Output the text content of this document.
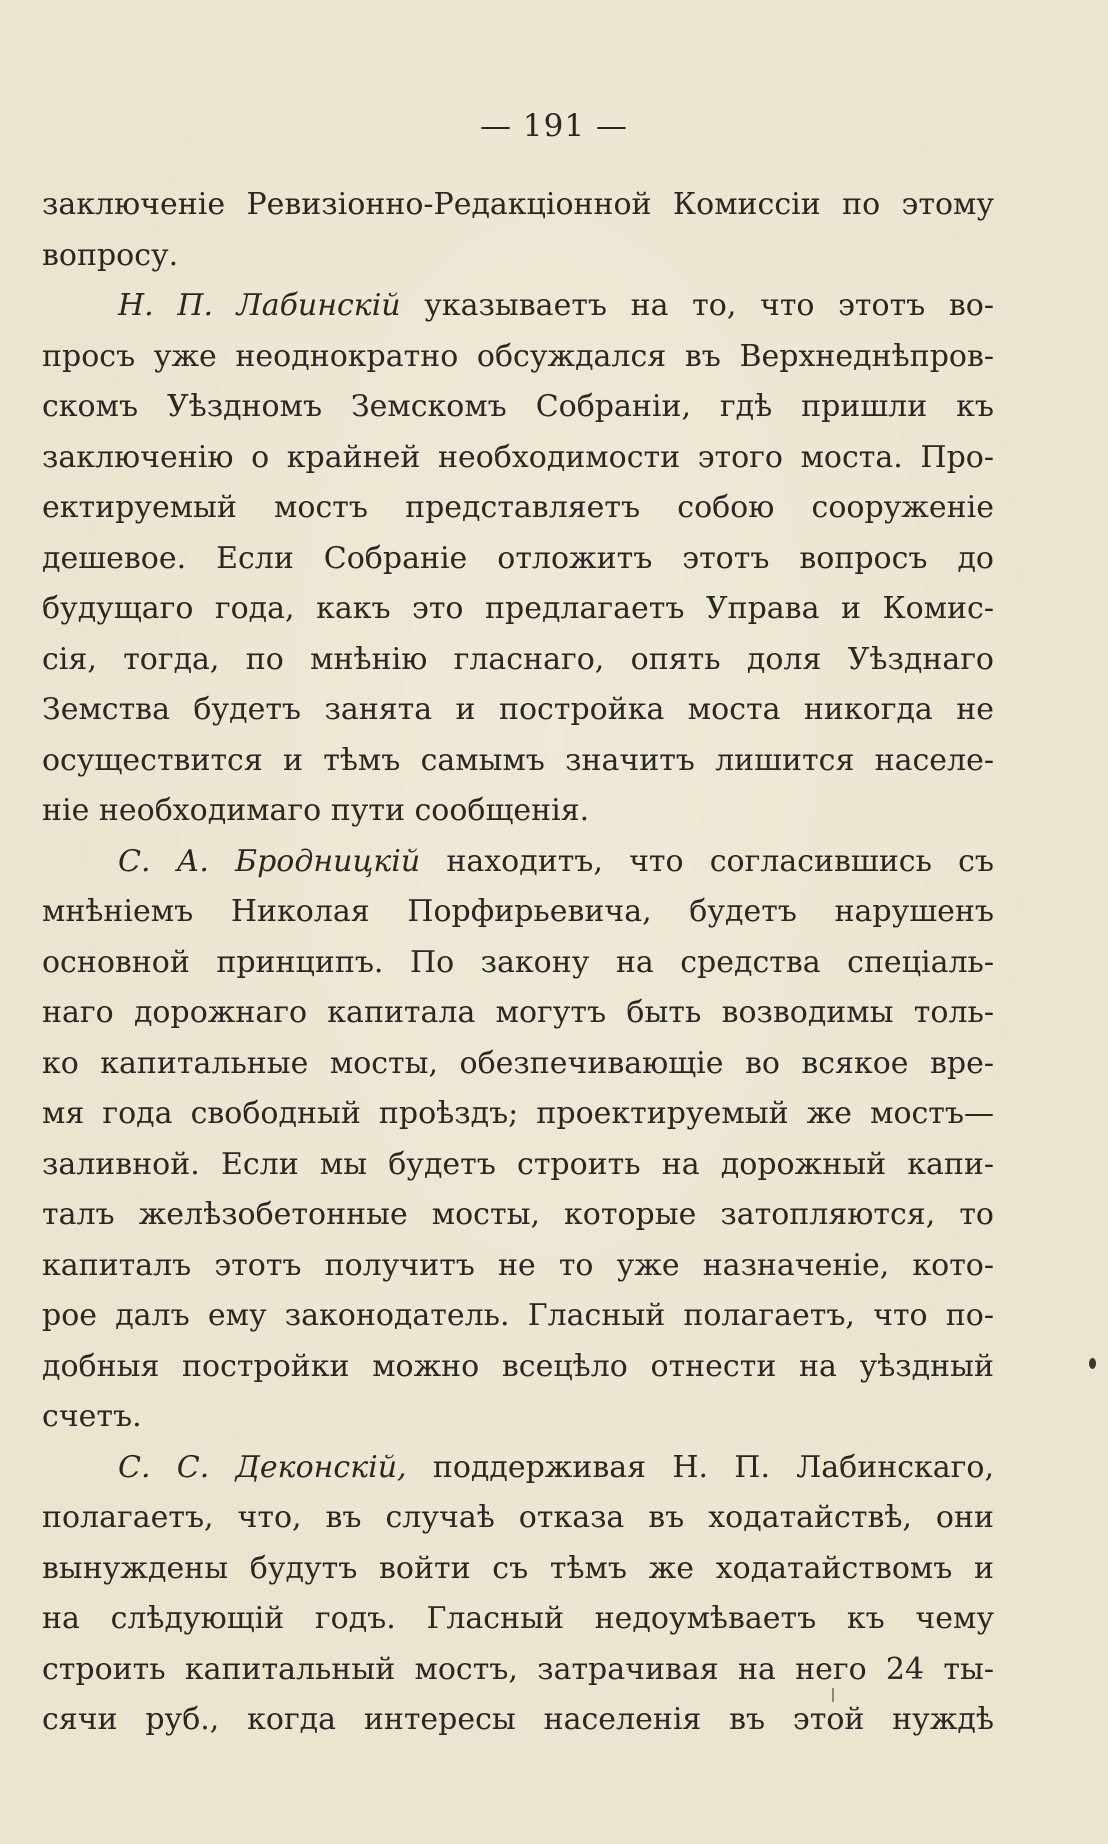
— 191 —
заключеніе Ревизіонно-Редакціонной Комиссіи по этому
вопросу.
Н. П. Лабинскій указываетъ на то, что этотъ во-
просъ уже неоднократно обсуждался въ Верхнеднѣпров-
скомъ Уѣздномъ Земскомъ Собраніи, гдѣ пришли къ
заключенію о крайней необходимости этого моста. Про-
ектируемый мостъ представляетъ собою сооруженіе
дешевое. Если Собраніе отложитъ этотъ вопросъ до
будущаго года, какъ это предлагаетъ Управа и Комис-
сія, тогда, по мнѣнію гласнаго, опять доля Уѣзднаго
Земства будетъ занята и постройка моста никогда не
осуществится и тѣмъ самымъ значитъ лишится населе-
ніе необходимаго пути сообщенія.
С. А. Бродницкій находитъ, что согласившись съ
мнѣніемъ Николая Порфирьевича, будетъ нарушенъ
основной принципъ. По закону на средства спеціаль-
наго дорожнаго капитала могутъ быть возводимы толь-
ко капитальные мосты, обезпечивающіе во всякое вре-
мя года свободный проѣздъ; проектируемый же мостъ—
заливной. Если мы будетъ строить на дорожный капи-
талъ желѣзобетонные мосты, которые затопляются, то
капиталъ этотъ получитъ не то уже назначеніе, кото-
рое далъ ему законодатель. Гласный полагаетъ, что по-
добныя постройки можно всецѣло отнести на уѣздный
счетъ.
С. С. Деконскій, поддерживая Н. П. Лабинскаго,
полагаетъ, что, въ случаѣ отказа въ ходатайствѣ, они
вынуждены будутъ войти съ тѣмъ же ходатайствомъ и
на слѣдующій годъ. Гласный недоумѣваетъ къ чему
строить капитальный мостъ, затрачивая на него 24 ты-
сячи руб., когда интересы населенія въ этой нуждѣ
